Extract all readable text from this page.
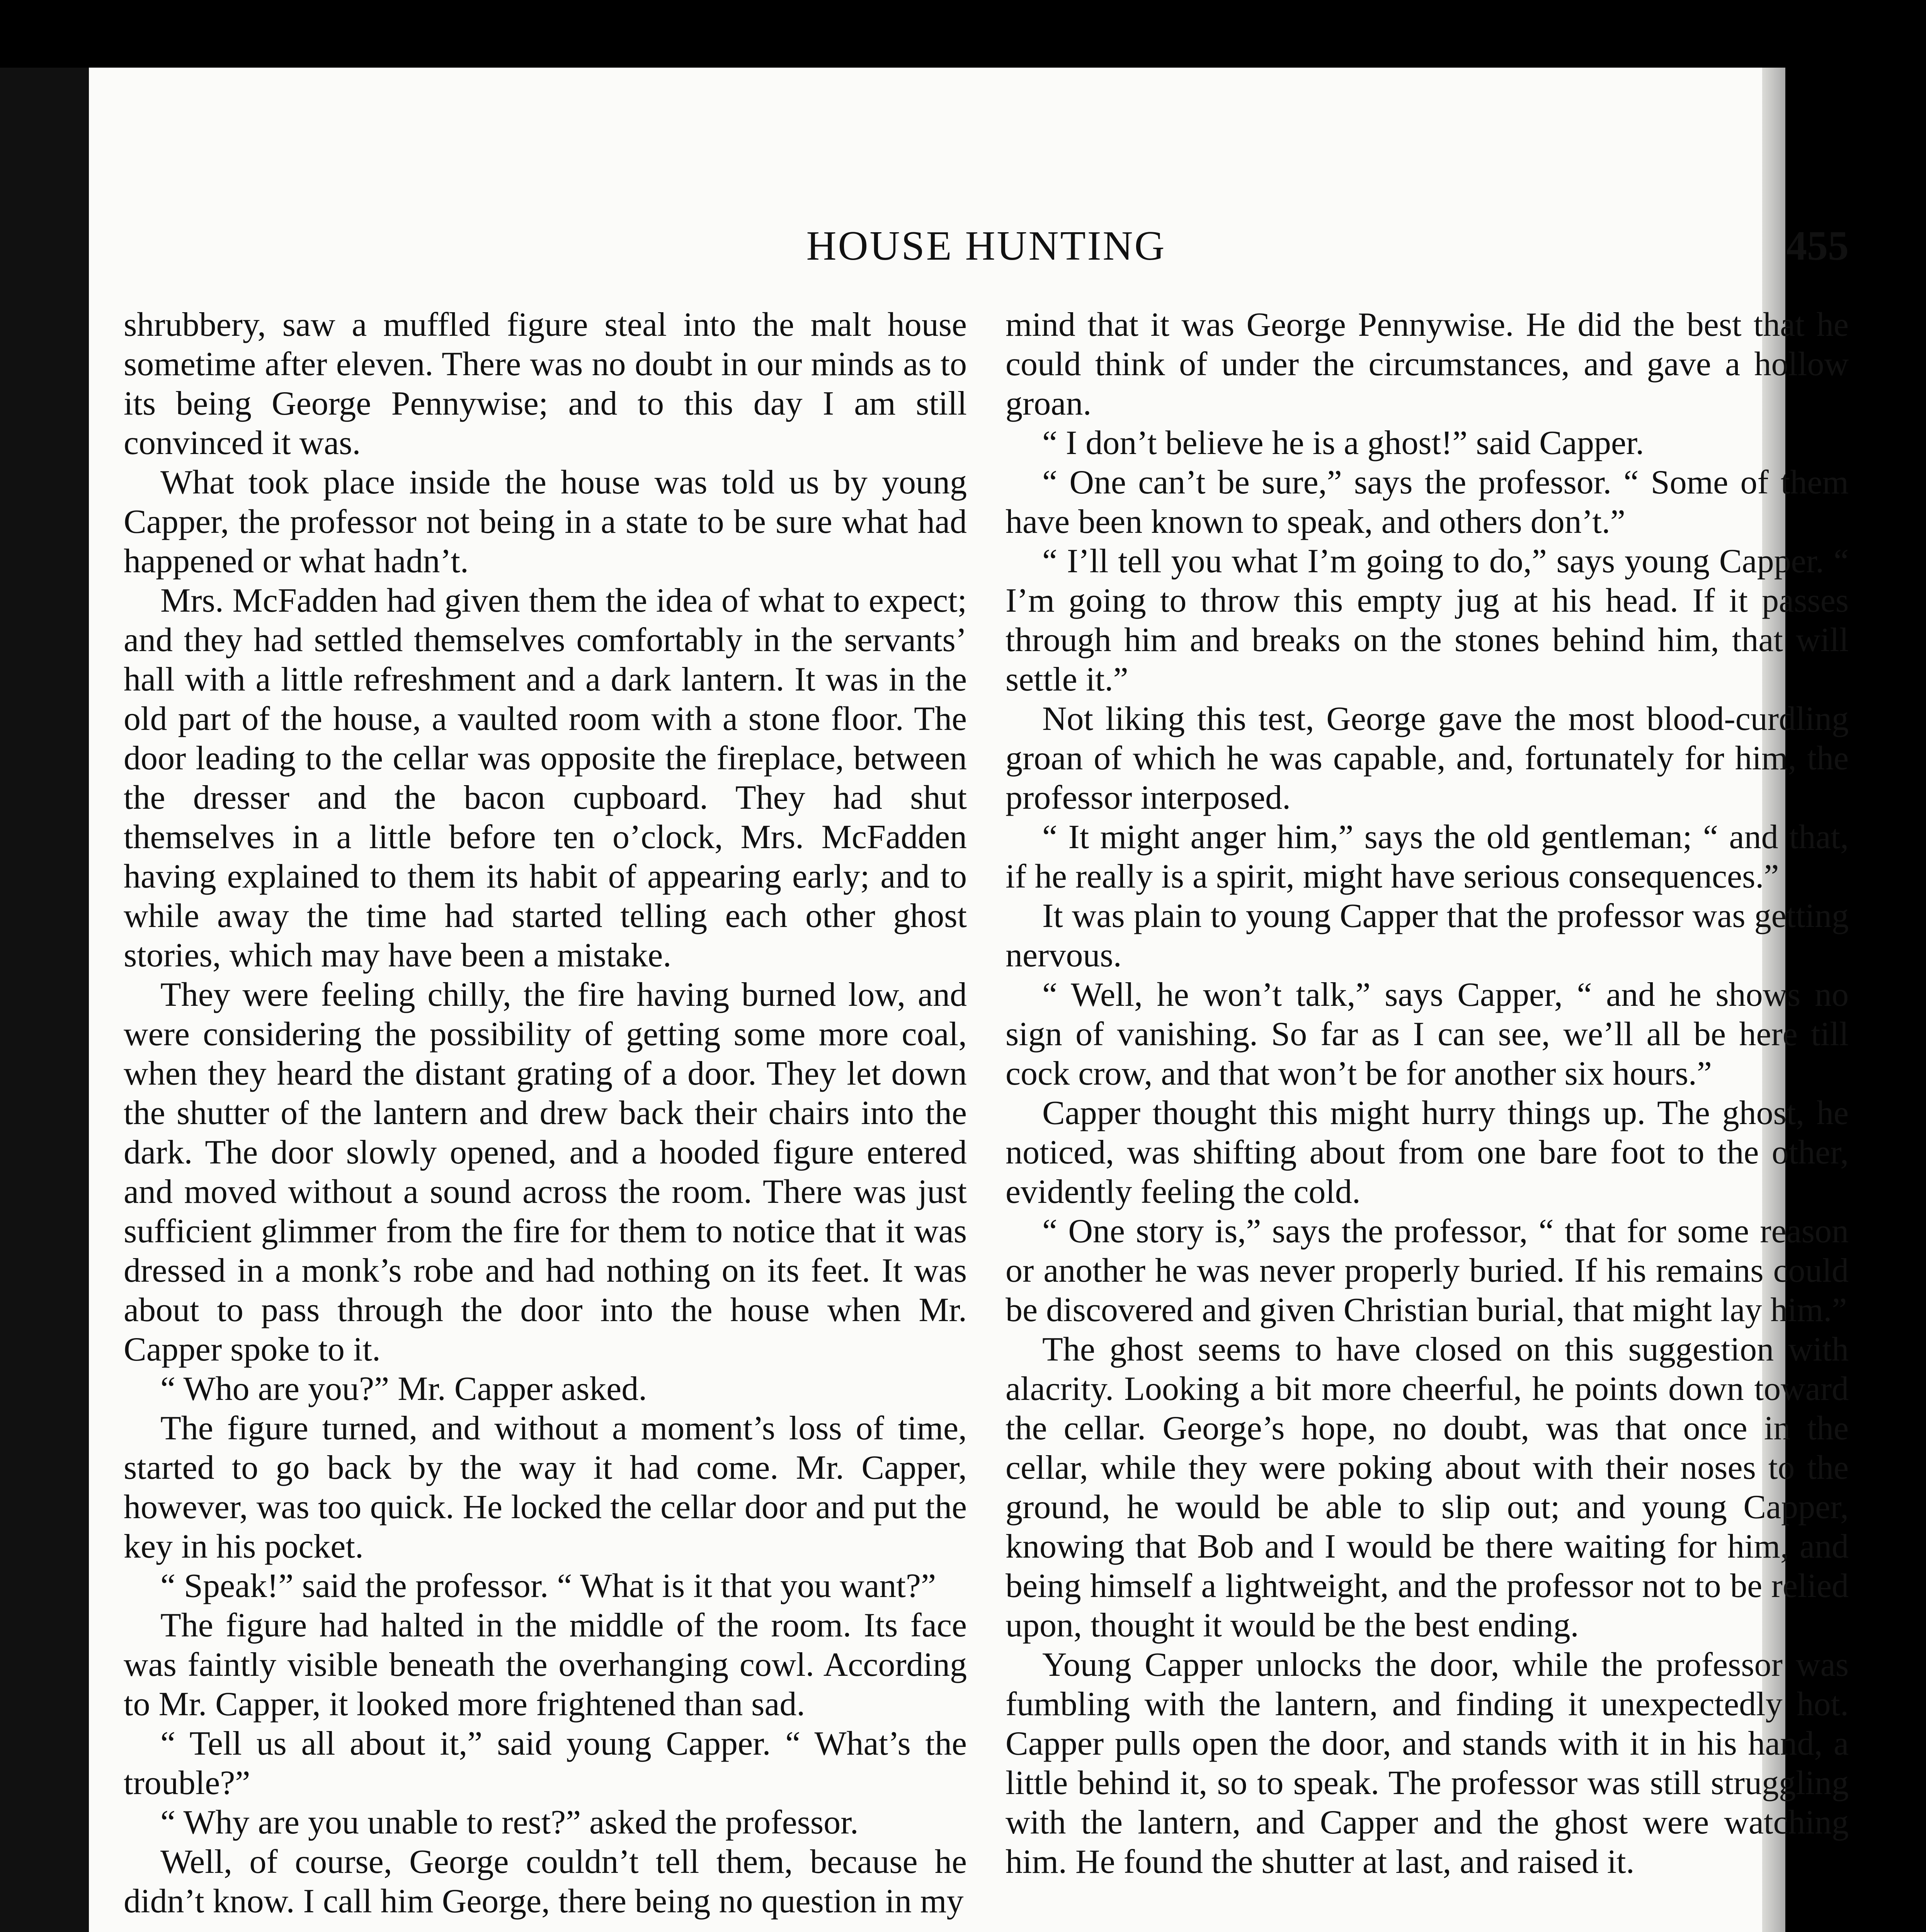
HOUSE HUNTING	455

shrubbery, saw a muffled figure steal into the malt house sometime after eleven. There was no doubt in our minds as to its being George Pennywise; and to this day I am still convinced it was.

What took place inside the house was told us by young Capper, the professor not being in a state to be sure what had happened or what hadn’t.

Mrs. McFadden had given them the idea of what to expect; and they had settled themselves comfortably in the servants’ hall with a little refreshment and a dark lantern. It was in the old part of the house, a vaulted room with a stone floor. The door leading to the cellar was opposite the fireplace, between the dresser and the bacon cupboard. They had shut themselves in a little before ten o’clock, Mrs. McFadden having explained to them its habit of appearing early; and to while away the time had started telling each other ghost stories, which may have been a mistake.

They were feeling chilly, the fire having burned low, and were considering the possibility of getting some more coal, when they heard the distant grating of a door. They let down the shutter of the lantern and drew back their chairs into the dark. The door slowly opened, and a hooded figure entered and moved without a sound across the room. There was just sufficient glimmer from the fire for them to notice that it was dressed in a monk’s robe and had nothing on its feet. It was about to pass through the door into the house when Mr. Capper spoke to it.

“ Who are you?” Mr. Capper asked.

The figure turned, and without a moment’s loss of time, started to go back by the way it had come. Mr. Capper, however, was too quick. He locked the cellar door and put the key in his pocket.

“ Speak!” said the professor. “ What is it that you want?”

The figure had halted in the middle of the room. Its face was faintly visible beneath the overhanging cowl. According to Mr. Capper, it looked more frightened than sad.

“ Tell us all about it,” said young Capper. “ What’s the trouble?”

“ Why are you unable to rest?” asked the professor.

Well, of course, George couldn’t tell them, because he didn’t know. I call him George, there being no question in my

mind that it was George Pennywise. He did the best that he could think of under the circumstances, and gave a hollow groan.

“ I don’t believe he is a ghost!” said Capper.

“ One can’t be sure,” says the professor. “ Some of them have been known to speak, and others don’t.”

“ I’ll tell you what I’m going to do,” says young Capper. “ I’m going to throw this empty jug at his head. If it passes through him and breaks on the stones behind him, that will settle it.”

Not liking this test, George gave the most blood-curdling groan of which he was capable, and, fortunately for him, the professor interposed.

“ It might anger him,” says the old gentleman; “ and that, if he really is a spirit, might have serious consequences.”

It was plain to young Capper that the professor was getting nervous.

“ Well, he won’t talk,” says Capper, “ and he shows no sign of vanishing. So far as I can see, we’ll all be here till cock crow, and that won’t be for another six hours.”

Capper thought this might hurry things up. The ghost, he noticed, was shifting about from one bare foot to the other, evidently feeling the cold.

“ One story is,” says the professor, “ that for some reason or another he was never properly buried. If his remains could be discovered and given Christian burial, that might lay him.”

The ghost seems to have closed on this suggestion with alacrity. Looking a bit more cheerful, he points down toward the cellar. George’s hope, no doubt, was that once in the cellar, while they were poking about with their noses to the ground, he would be able to slip out; and young Capper, knowing that Bob and I would be there waiting for him, and being himself a lightweight, and the professor not to be relied upon, thought it would be the best ending.

Young Capper unlocks the door, while the professor was fumbling with the lantern, and finding it unexpectedly hot. Capper pulls open the door, and stands with it in his hand, a little behind it, so to speak. The professor was still struggling with the lantern, and Capper and the ghost were watching him. He found the shutter at last, and raised it.
